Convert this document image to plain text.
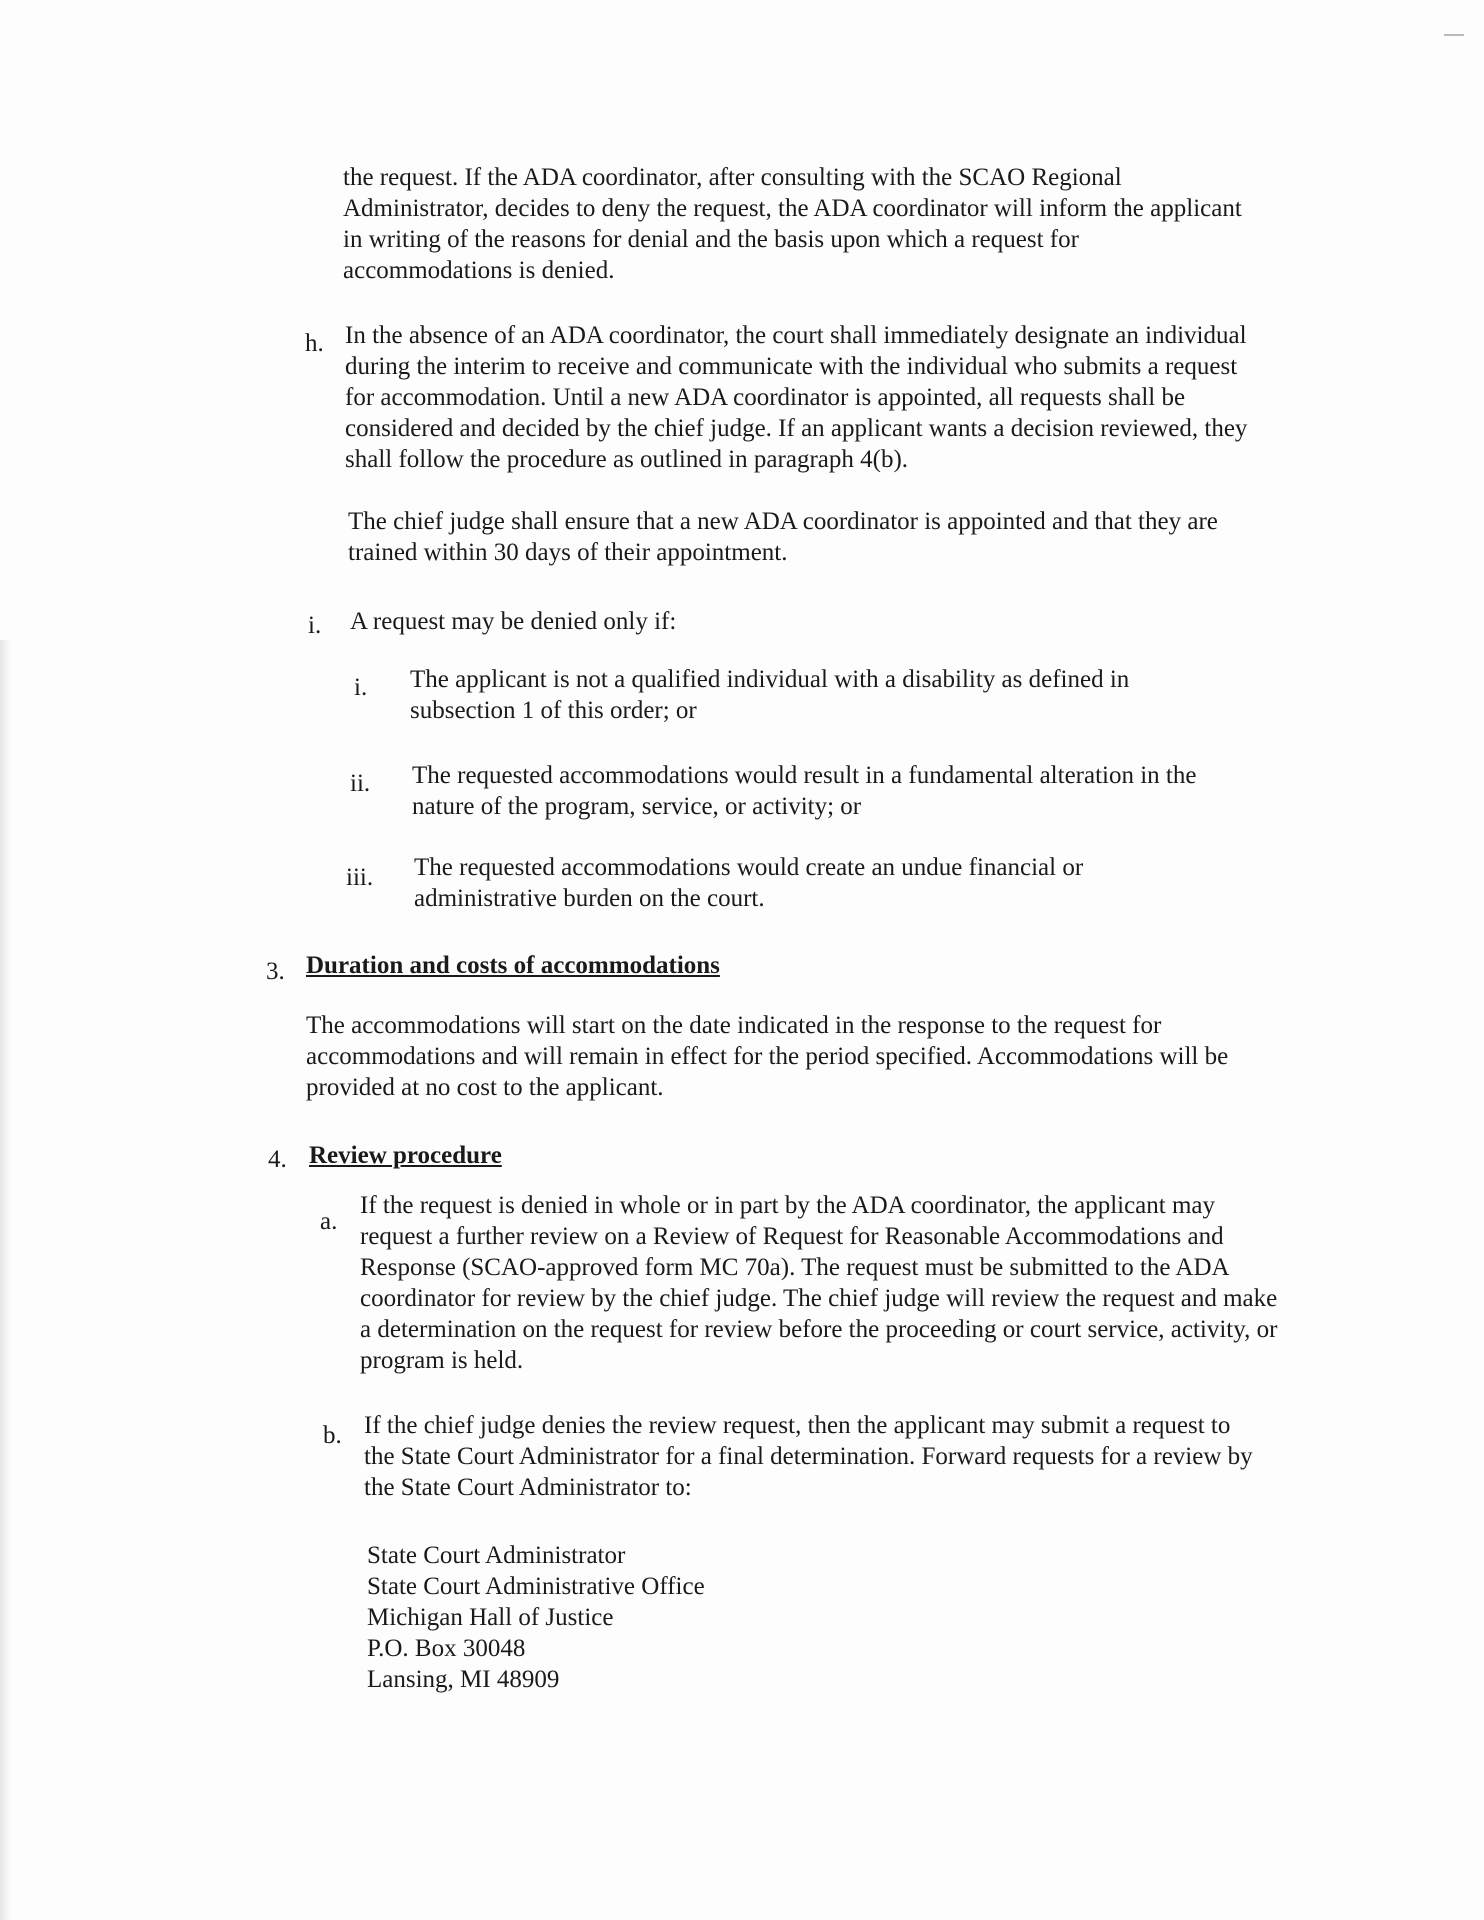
the request. If the ADA coordinator, after consulting with the SCAO Regional Administrator, decides to deny the request, the ADA coordinator will inform the applicant in writing of the reasons for denial and the basis upon which a request for accommodations is denied.

h. In the absence of an ADA coordinator, the court shall immediately designate an individual during the interim to receive and communicate with the individual who submits a request for accommodation. Until a new ADA coordinator is appointed, all requests shall be considered and decided by the chief judge. If an applicant wants a decision reviewed, they shall follow the procedure as outlined in paragraph 4(b).

The chief judge shall ensure that a new ADA coordinator is appointed and that they are trained within 30 days of their appointment.

i. A request may be denied only if:

i. The applicant is not a qualified individual with a disability as defined in subsection 1 of this order; or

ii. The requested accommodations would result in a fundamental alteration in the nature of the program, service, or activity; or

iii. The requested accommodations would create an undue financial or administrative burden on the court.

3. Duration and costs of accommodations

The accommodations will start on the date indicated in the response to the request for accommodations and will remain in effect for the period specified. Accommodations will be provided at no cost to the applicant.

4. Review procedure
a.

If the request is denied in whole or in part by the ADA coordinator, the applicant may request a further review on a Review of Request for Reasonable Accommodations and Response (SCAO-approved form MC 70a). The request must be submitted to the ADA coordinator for review by the chief judge. The chief judge will review the request and make a determination on the request for review before the proceeding or court service, activity, or program is held.

b. If the chief judge denies the review request, then the applicant may submit a request to the State Court Administrator for a final determination. Forward requests for a review by the State Court Administrator to:

State Court Administrator
State Court Administrative Office
Michigan Hall of Justice
P.O. Box 30048
Lansing, MI 48909
